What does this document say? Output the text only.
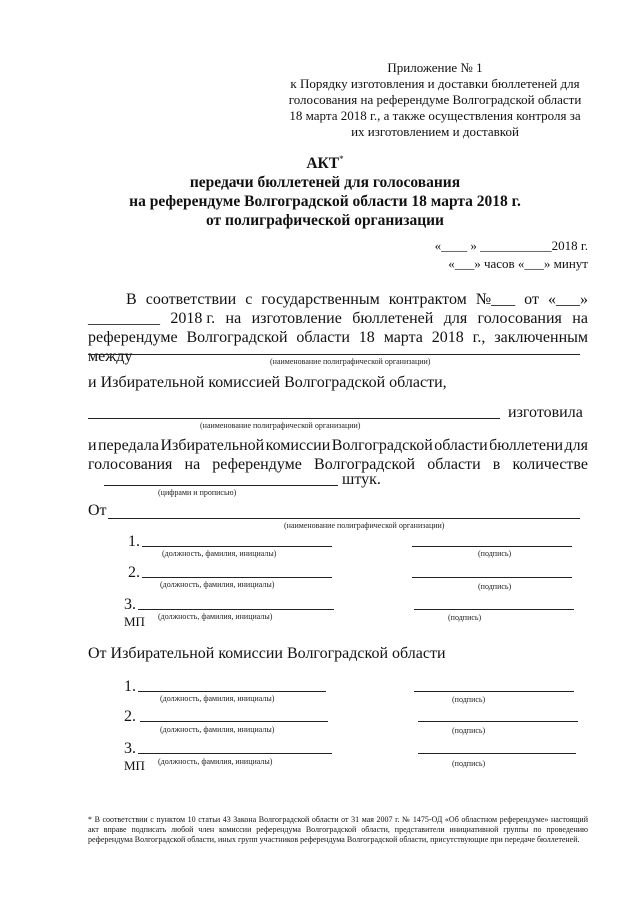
Приложение № 1
к Порядку изготовления и доставки бюллетеней для
голосования на референдуме Волгоградской области
18 марта 2018 г., а также осуществления контроля за
их изготовлением и доставкой
АКТ*
передачи бюллетеней для голосования
на референдуме Волгоградской области 18 марта 2018 г.
от полиграфической организации
«____ » ___________2018 г.
«___» часов «___» минут
В соответствии с государственным контрактом №___ от «___»
_________ 2018 г. на изготовление бюллетеней для голосования на
референдуме Волгоградской области 18 марта 2018 г., заключенным между	(наименование полиграфической организации)
и Избирательной комиссией Волгоградской области,
изготовила
(наименование полиграфической организации)
и передала Избирательной комиссии Волгоградской области бюллетени для
голосования на референдуме Волгоградской области в количестве
штук.
(цифрами и прописью)
От
(наименование полиграфической организации)
1.
(должность, фамилия, инициалы)	(подпись)
2.
(должность, фамилия, инициалы)	(подпись)
3.
МП (должность, фамилия, инициалы)	(подпись)
От Избирательной комиссии Волгоградской области
1.
(должность, фамилия, инициалы)	(подпись)
2.
(должность, фамилия, инициалы)	(подпись)
3.
МП (должность, фамилия, инициалы)	(подпись)
* В соответствии с пунктом 10 статьи 43 Закона Волгоградской области от 31 мая 2007 г. № 1475-ОД «Об областном референдуме» настоящий акт вправе подписать любой член комиссии референдума Волгоградской области, представители инициативной группы по проведению референдума Волгоградской области, иных групп участников референдума Волгоградской области, присутствующие при передаче бюллетеней.
